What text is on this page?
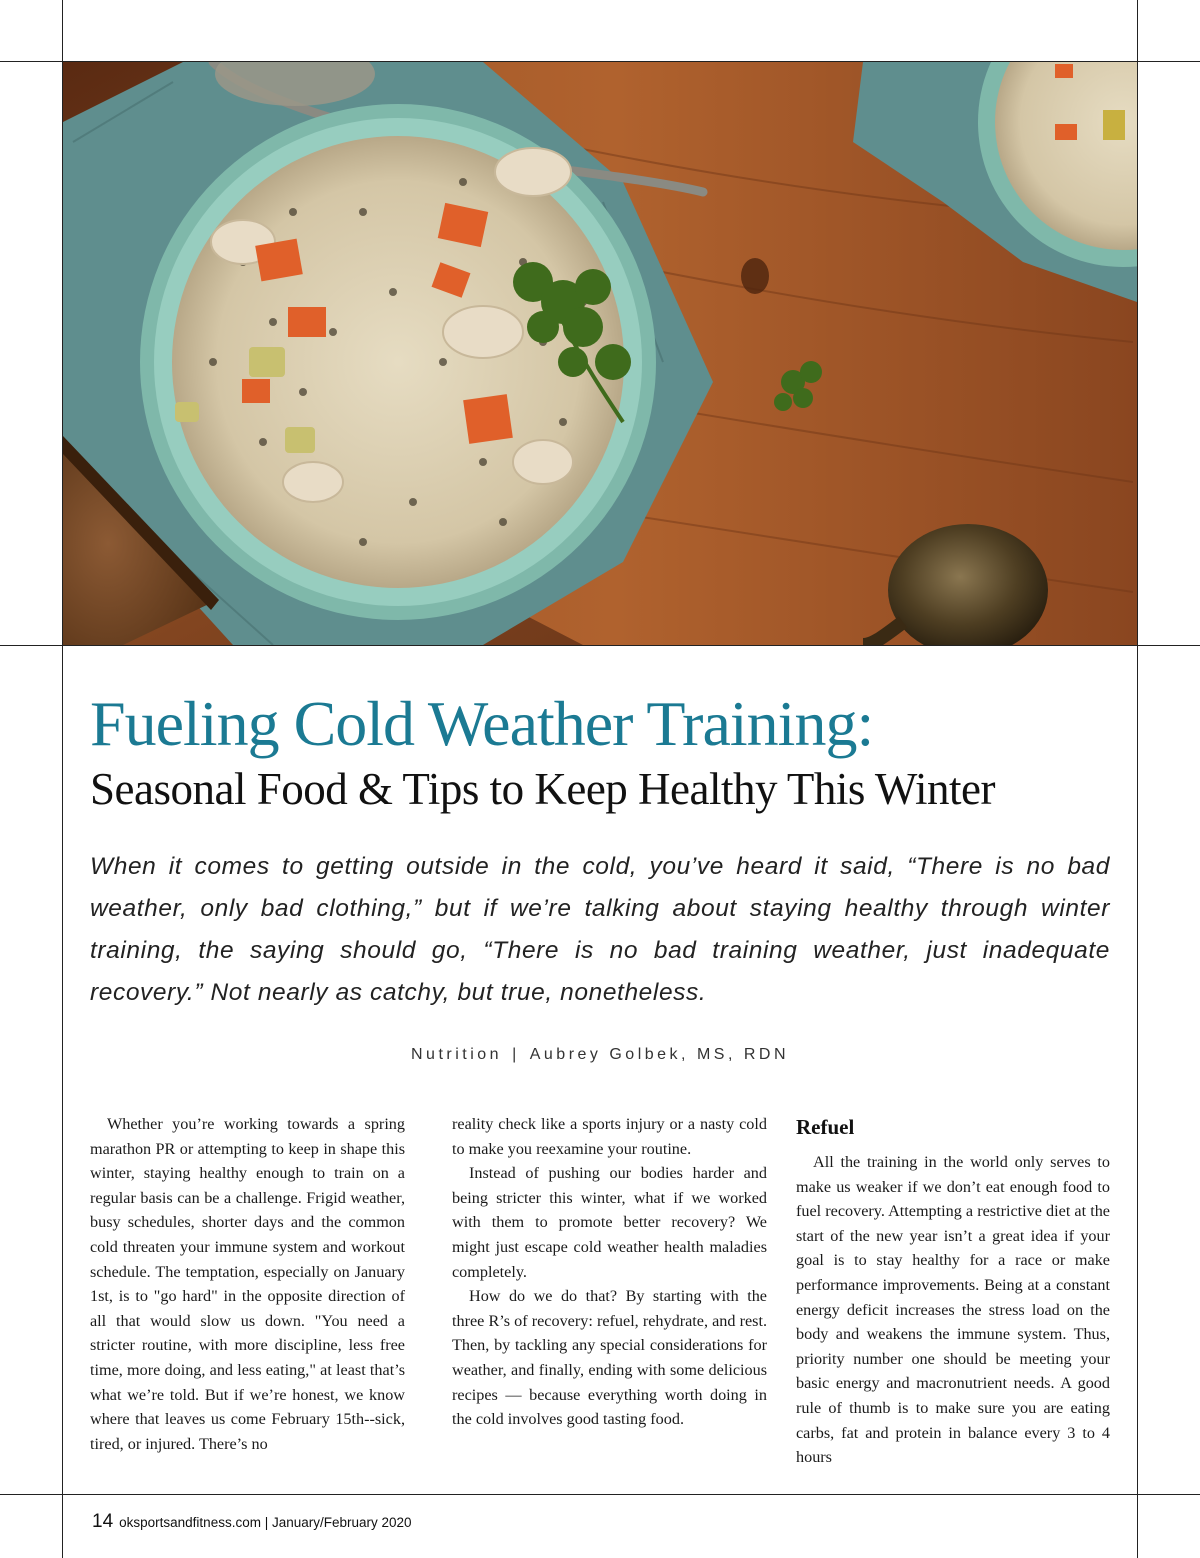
Fueling Cold Weather Training:
Seasonal Food & Tips to Keep Healthy This Winter

When it comes to getting outside in the cold, you’ve heard it said, “There is no bad weather, only bad clothing,” but if we’re talking about staying healthy through winter training, the saying should go, “There is no bad training weather, just inadequate recovery.” Not nearly as catchy, but true, nonetheless.

Nutrition | Aubrey Golbek, MS, RDN

Whether you’re working towards a spring marathon PR or attempting to keep in shape this winter, staying healthy enough to train on a regular basis can be a challenge. Frigid weather, busy schedules, shorter days and the common cold threaten your immune system and workout schedule. The temptation, especially on January 1st, is to "go hard" in the opposite direction of all that would slow us down. "You need a stricter routine, with more discipline, less free time, more doing, and less eating," at least that’s what we’re told. But if we’re honest, we know where that leaves us come February 15th--sick, tired, or injured. There’s no

reality check like a sports injury or a nasty cold to make you reexamine your routine.

Instead of pushing our bodies harder and being stricter this winter, what if we worked with them to promote better recovery? We might just escape cold weather health maladies completely.

How do we do that? By starting with the three R’s of recovery: refuel, rehydrate, and rest. Then, by tackling any special considerations for weather, and finally, ending with some delicious recipes — because everything worth doing in the cold involves good tasting food.

Refuel

All the training in the world only serves to make us weaker if we don’t eat enough food to fuel recovery. Attempting a restrictive diet at the start of the new year isn’t a great idea if your goal is to stay healthy for a race or make performance improvements. Being at a constant energy deficit increases the stress load on the body and weakens the immune system. Thus, priority number one should be meeting your basic energy and macronutrient needs. A good rule of thumb is to make sure you are eating carbs, fat and protein in balance every 3 to 4 hours

14 oksportsandfitness.com | January/February 2020
